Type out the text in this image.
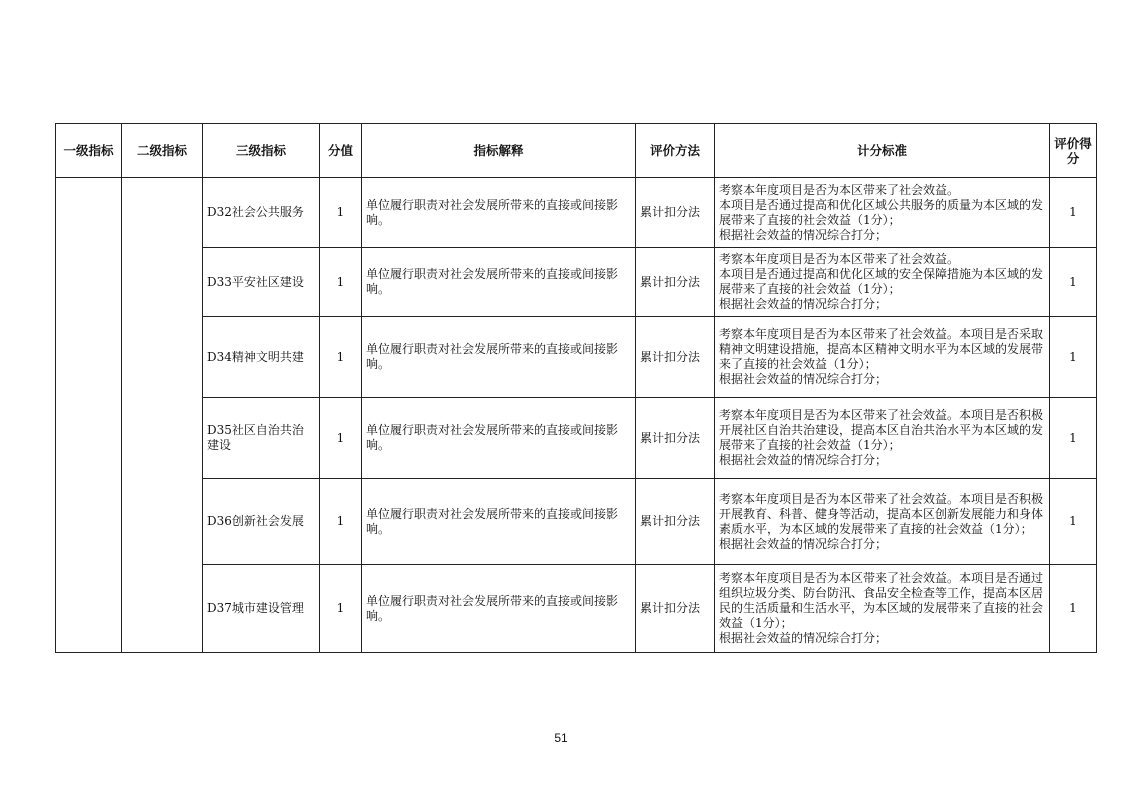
一级指标	二级指标	三级指标	分值	指标解释	评价方法	计分标准	评价得分
		D32社会公共服务	1	单位履行职责对社会发展所带来的直接或间接影响。	累计扣分法	考察本年度项目是否为本区带来了社会效益。
本项目是否通过提高和优化区域公共服务的质量为本区域的发展带来了直接的社会效益（1分）；
根据社会效益的情况综合打分；	1
		D33平安社区建设	1	单位履行职责对社会发展所带来的直接或间接影响。	累计扣分法	考察本年度项目是否为本区带来了社会效益。
本项目是否通过提高和优化区域的安全保障措施为本区域的发展带来了直接的社会效益（1分）；
根据社会效益的情况综合打分；	1
		D34精神文明共建	1	单位履行职责对社会发展所带来的直接或间接影响。	累计扣分法	考察本年度项目是否为本区带来了社会效益。本项目是否采取精神文明建设措施，提高本区精神文明水平为本区域的发展带来了直接的社会效益（1分）；
根据社会效益的情况综合打分；	1
		D35社区自治共治建设	1	单位履行职责对社会发展所带来的直接或间接影响。	累计扣分法	考察本年度项目是否为本区带来了社会效益。本项目是否积极开展社区自治共治建设，提高本区自治共治水平为本区域的发展带来了直接的社会效益（1分）；
根据社会效益的情况综合打分；	1
		D36创新社会发展	1	单位履行职责对社会发展所带来的直接或间接影响。	累计扣分法	考察本年度项目是否为本区带来了社会效益。本项目是否积极开展教育、科普、健身等活动，提高本区创新发展能力和身体素质水平，为本区域的发展带来了直接的社会效益（1分）；
根据社会效益的情况综合打分；	1
		D37城市建设管理	1	单位履行职责对社会发展所带来的直接或间接影响。	累计扣分法	考察本年度项目是否为本区带来了社会效益。本项目是否通过组织垃圾分类、防台防汛、食品安全检查等工作，提高本区居民的生活质量和生活水平，为本区域的发展带来了直接的社会效益（1分）；
根据社会效益的情况综合打分；	1
51
